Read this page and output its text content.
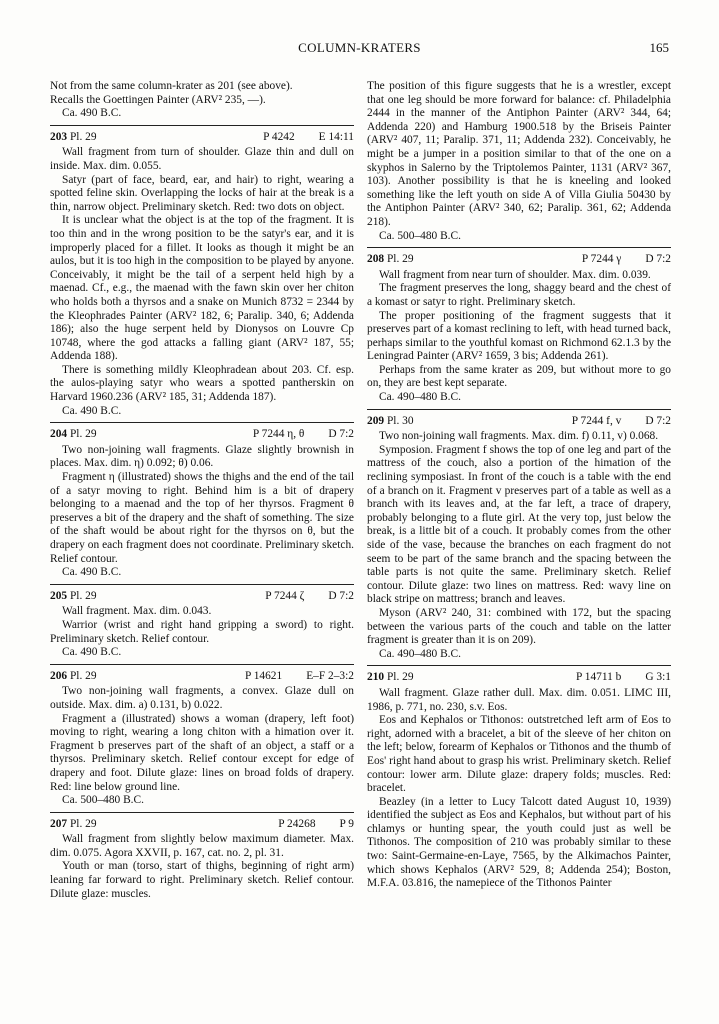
COLUMN-KRATERS	165

Not from the same column-krater as 201 (see above).

Recalls the Goettingen Painter (ARV² 235, —).

Ca. 490 B.C.
203 Pl. 29	P 4242 E 14:11

Wall fragment from turn of shoulder. Glaze thin and dull on inside. Max. dim. 0.055.

Satyr (part of face, beard, ear, and hair) to right, wearing a spotted feline skin. Overlapping the locks of hair at the break is a thin, narrow object. Preliminary sketch. Red: two dots on object.

It is unclear what the object is at the top of the fragment. It is too thin and in the wrong position to be the satyr's ear, and it is improperly placed for a fillet. It looks as though it might be an aulos, but it is too high in the composition to be played by anyone. Conceivably, it might be the tail of a serpent held high by a maenad. Cf., e.g., the maenad with the fawn skin over her chiton who holds both a thyrsos and a snake on Munich 8732 = 2344 by the Kleophrades Painter (ARV² 182, 6; Paralip. 340, 6; Addenda 186); also the huge serpent held by Dionysos on Louvre Cp 10748, where the god attacks a falling giant (ARV² 187, 55; Addenda 188).

There is something mildly Kleophradean about 203. Cf. esp. the aulos-playing satyr who wears a spotted pantherskin on Harvard 1960.236 (ARV² 185, 31; Addenda 187).

Ca. 490 B.C.
204 Pl. 29	P 7244 η, θ D 7:2

Two non-joining wall fragments. Glaze slightly brownish in places. Max. dim. η) 0.092; θ) 0.06.

Fragment η (illustrated) shows the thighs and the end of the tail of a satyr moving to right. Behind him is a bit of drapery belonging to a maenad and the top of her thyrsos. Fragment θ preserves a bit of the drapery and the shaft of something. The size of the shaft would be about right for the thyrsos on θ, but the drapery on each fragment does not coordinate. Preliminary sketch. Relief contour.

Ca. 490 B.C.
205 Pl. 29	P 7244 ζ D 7:2

Wall fragment. Max. dim. 0.043.

Warrior (wrist and right hand gripping a sword) to right. Preliminary sketch. Relief contour.

Ca. 490 B.C.
206 Pl. 29	P 14621 E–F 2–3:2

Two non-joining wall fragments, a convex. Glaze dull on outside. Max. dim. a) 0.131, b) 0.022.

Fragment a (illustrated) shows a woman (drapery, left foot) moving to right, wearing a long chiton with a himation over it. Fragment b preserves part of the shaft of an object, a staff or a thyrsos. Preliminary sketch. Relief contour except for edge of drapery and foot. Dilute glaze: lines on broad folds of drapery. Red: line below ground line.

Ca. 500–480 B.C.
207 Pl. 29	P 24268 P 9

Wall fragment from slightly below maximum diameter. Max. dim. 0.075. Agora XXVII, p. 167, cat. no. 2, pl. 31.

Youth or man (torso, start of thighs, beginning of right arm) leaning far forward to right. Preliminary sketch. Relief contour. Dilute glaze: muscles.

The position of this figure suggests that he is a wrestler, except that one leg should be more forward for balance: cf. Philadelphia 2444 in the manner of the Antiphon Painter (ARV² 344, 64; Addenda 220) and Hamburg 1900.518 by the Briseis Painter (ARV² 407, 11; Paralip. 371, 11; Addenda 232). Conceivably, he might be a jumper in a position similar to that of the one on a skyphos in Salerno by the Triptolemos Painter, 1131 (ARV² 367, 103). Another possibility is that he is kneeling and looked something like the left youth on side A of Villa Giulia 50430 by the Antiphon Painter (ARV² 340, 62; Paralip. 361, 62; Addenda 218).

Ca. 500–480 B.C.
208 Pl. 29	P 7244 γ D 7:2

Wall fragment from near turn of shoulder. Max. dim. 0.039.

The fragment preserves the long, shaggy beard and the chest of a komast or satyr to right. Preliminary sketch.

The proper positioning of the fragment suggests that it preserves part of a komast reclining to left, with head turned back, perhaps similar to the youthful komast on Richmond 62.1.3 by the Leningrad Painter (ARV² 1659, 3 bis; Addenda 261).

Perhaps from the same krater as 209, but without more to go on, they are best kept separate.

Ca. 490–480 B.C.
209 Pl. 30	P 7244 f, v D 7:2

Two non-joining wall fragments. Max. dim. f) 0.11, v) 0.068.

Symposion. Fragment f shows the top of one leg and part of the mattress of the couch, also a portion of the himation of the reclining symposiast. In front of the couch is a table with the end of a branch on it. Fragment v preserves part of a table as well as a branch with its leaves and, at the far left, a trace of drapery, probably belonging to a flute girl. At the very top, just below the break, is a little bit of a couch. It probably comes from the other side of the vase, because the branches on each fragment do not seem to be part of the same branch and the spacing between the table parts is not quite the same. Preliminary sketch. Relief contour. Dilute glaze: two lines on mattress. Red: wavy line on black stripe on mattress; branch and leaves.

Myson (ARV² 240, 31: combined with 172, but the spacing between the various parts of the couch and table on the latter fragment is greater than it is on 209).

Ca. 490–480 B.C.
210 Pl. 29	P 14711 b G 3:1

Wall fragment. Glaze rather dull. Max. dim. 0.051. LIMC III, 1986, p. 771, no. 230, s.v. Eos.

Eos and Kephalos or Tithonos: outstretched left arm of Eos to right, adorned with a bracelet, a bit of the sleeve of her chiton on the left; below, forearm of Kephalos or Tithonos and the thumb of Eos' right hand about to grasp his wrist. Preliminary sketch. Relief contour: lower arm. Dilute glaze: drapery folds; muscles. Red: bracelet.

Beazley (in a letter to Lucy Talcott dated August 10, 1939) identified the subject as Eos and Kephalos, but without part of his chlamys or hunting spear, the youth could just as well be Tithonos. The composition of 210 was probably similar to these two: Saint-Germaine-en-Laye, 7565, by the Alkimachos Painter, which shows Kephalos (ARV² 529, 8; Addenda 254); Boston, M.F.A. 03.816, the namepiece of the Tithonos Painter
